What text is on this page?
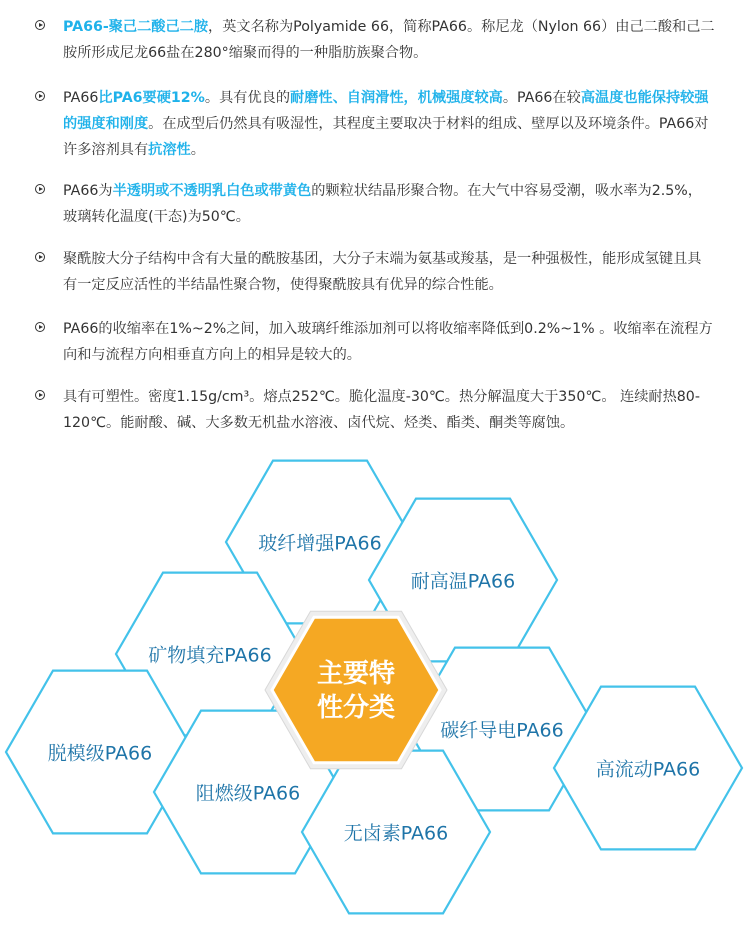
PA66-聚己二酸己二胺，英文名称为Polyamide 66，简称PA66。称尼龙（Nylon 66）由己二酸和己二胺所形成尼龙66盐在280°缩聚而得的一种脂肪族聚合物。
PA66比PA6要硬12%。具有优良的耐磨性、自润滑性，机械强度较高。PA66在较高温度也能保持较强的强度和刚度。在成型后仍然具有吸湿性，其程度主要取决于材料的组成、壁厚以及环境条件。PA66对许多溶剂具有抗溶性。
PA66为半透明或不透明乳白色或带黄色的颗粒状结晶形聚合物。在大气中容易受潮，吸水率为2.5%，玻璃转化温度(干态)为50℃。
聚酰胺大分子结构中含有大量的酰胺基团，大分子末端为氨基或羧基，是一种强极性，能形成氢键且具有一定反应活性的半结晶性聚合物，使得聚酰胺具有优异的综合性能。
PA66的收缩率在1%~2%之间，加入玻璃纤维添加剂可以将收缩率降低到0.2%~1% 。收缩率在流程方向和与流程方向相垂直方向上的相异是较大的。
具有可塑性。密度1.15g/cm³。熔点252℃。脆化温度-30℃。热分解温度大于350℃。 连续耐热80-120℃。能耐酸、碱、大多数无机盐水溶液、卤代烷、烃类、酯类、酮类等腐蚀。
玻纤增强PA66
耐高温PA66
矿物填充PA66
碳纤导电PA66
脱模级PA66
高流动PA66
阻燃级PA66
无卤素PA66
主要特
性分类
